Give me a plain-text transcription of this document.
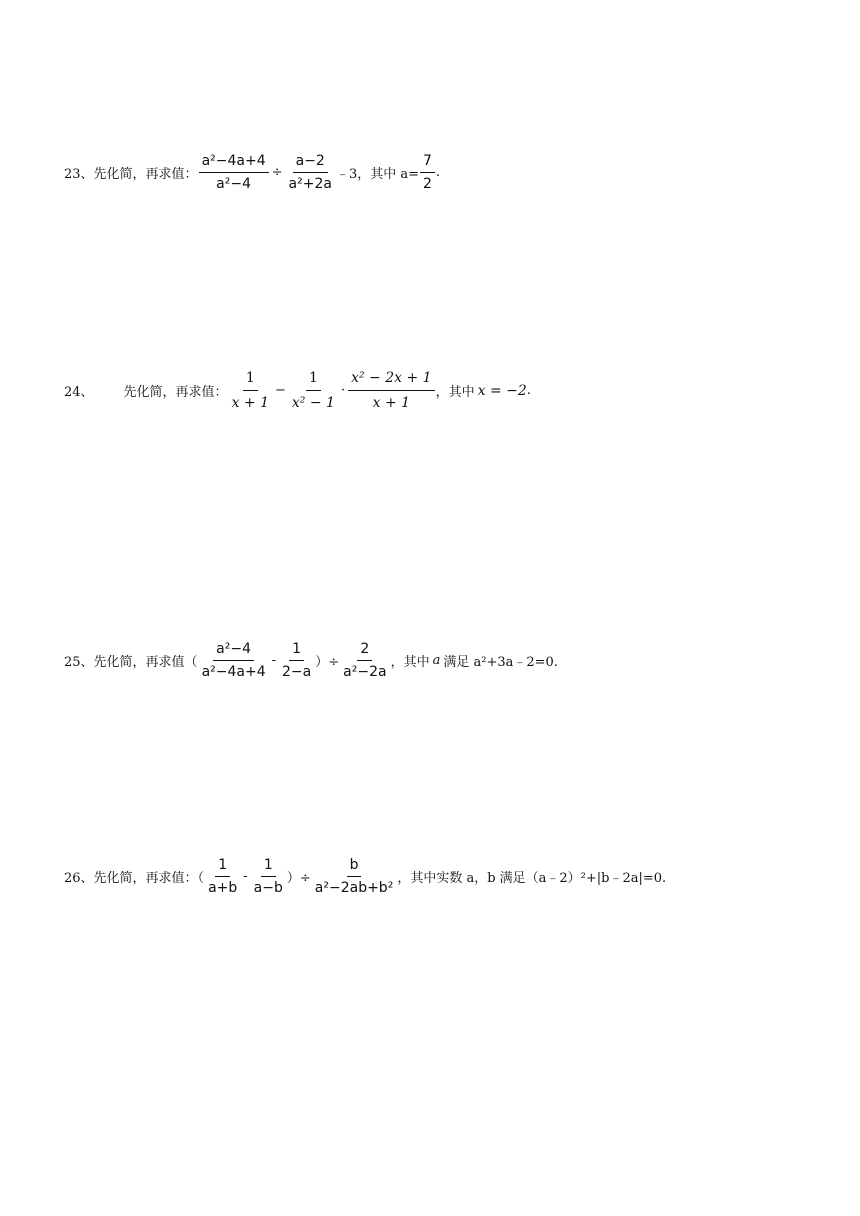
23、 先化简，再求值： $\frac{\text{a²−4a+4}}{\text{a²−4}} \div \frac{a-2}{\text{a²+2a}}$ ﹣3，其中 $a= \frac{7}{2}$ .
24、 先化简，再求值： $\frac{1}{x + 1} - \frac{1}{\text{x² − 1}} \cdot \frac{\text{x² − 2x + 1}}{x + 1}$ ，其中 x = −2 .
25、 先化简，再求值（ $\frac{\text{a²−4}}{\text{a²−4a+4}} - \frac{1}{2-a}$ ）÷ $\frac{2}{\text{a²−2a}}$ ，其中 a 满足 a²+3a﹣2=0.
26、 先化简，再求值：（ $\frac{1}{a+b} - \frac{1}{a-b}$ ）÷ $\frac{b}{\text{a²−2ab+b²}}$ ，其中实数 a，b 满足（a﹣2）²+|b﹣2a|=0.
